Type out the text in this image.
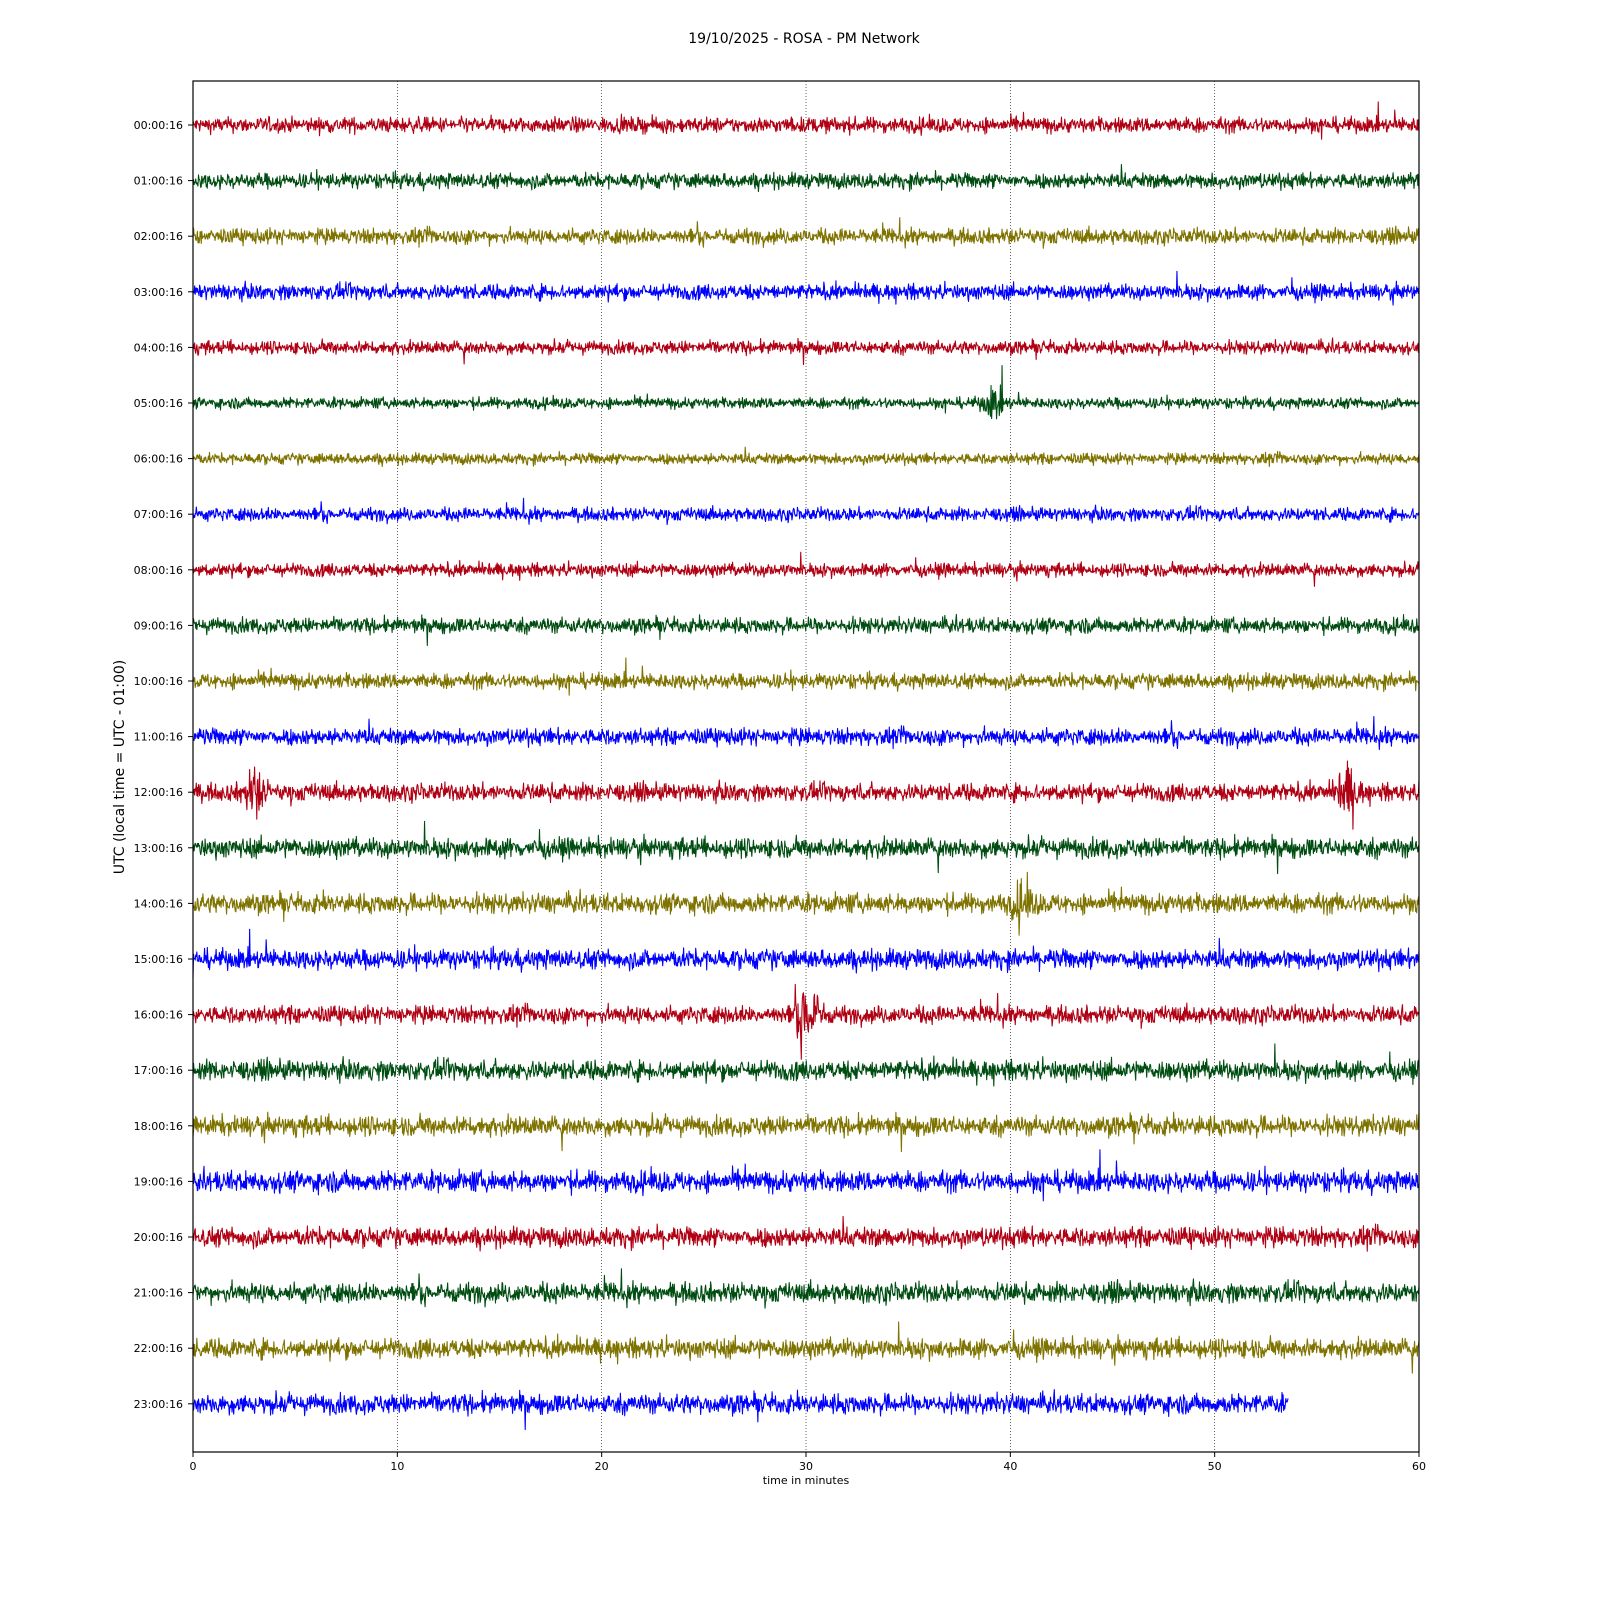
19/10/2025 - ROSA - PM Network
00:00:16
01:00:16
02:00:16
03:00:16
04:00:16
05:00:16
06:00:16
07:00:16
08:00:16
09:00:16
10:00:16
11:00:16
12:00:16
13:00:16
14:00:16
15:00:16
16:00:16
17:00:16
18:00:16
19:00:16
20:00:16
21:00:16
22:00:16
23:00:16
0	10	20	30	40	50	60
time in minutes
UTC (local time = UTC - 01:00)
